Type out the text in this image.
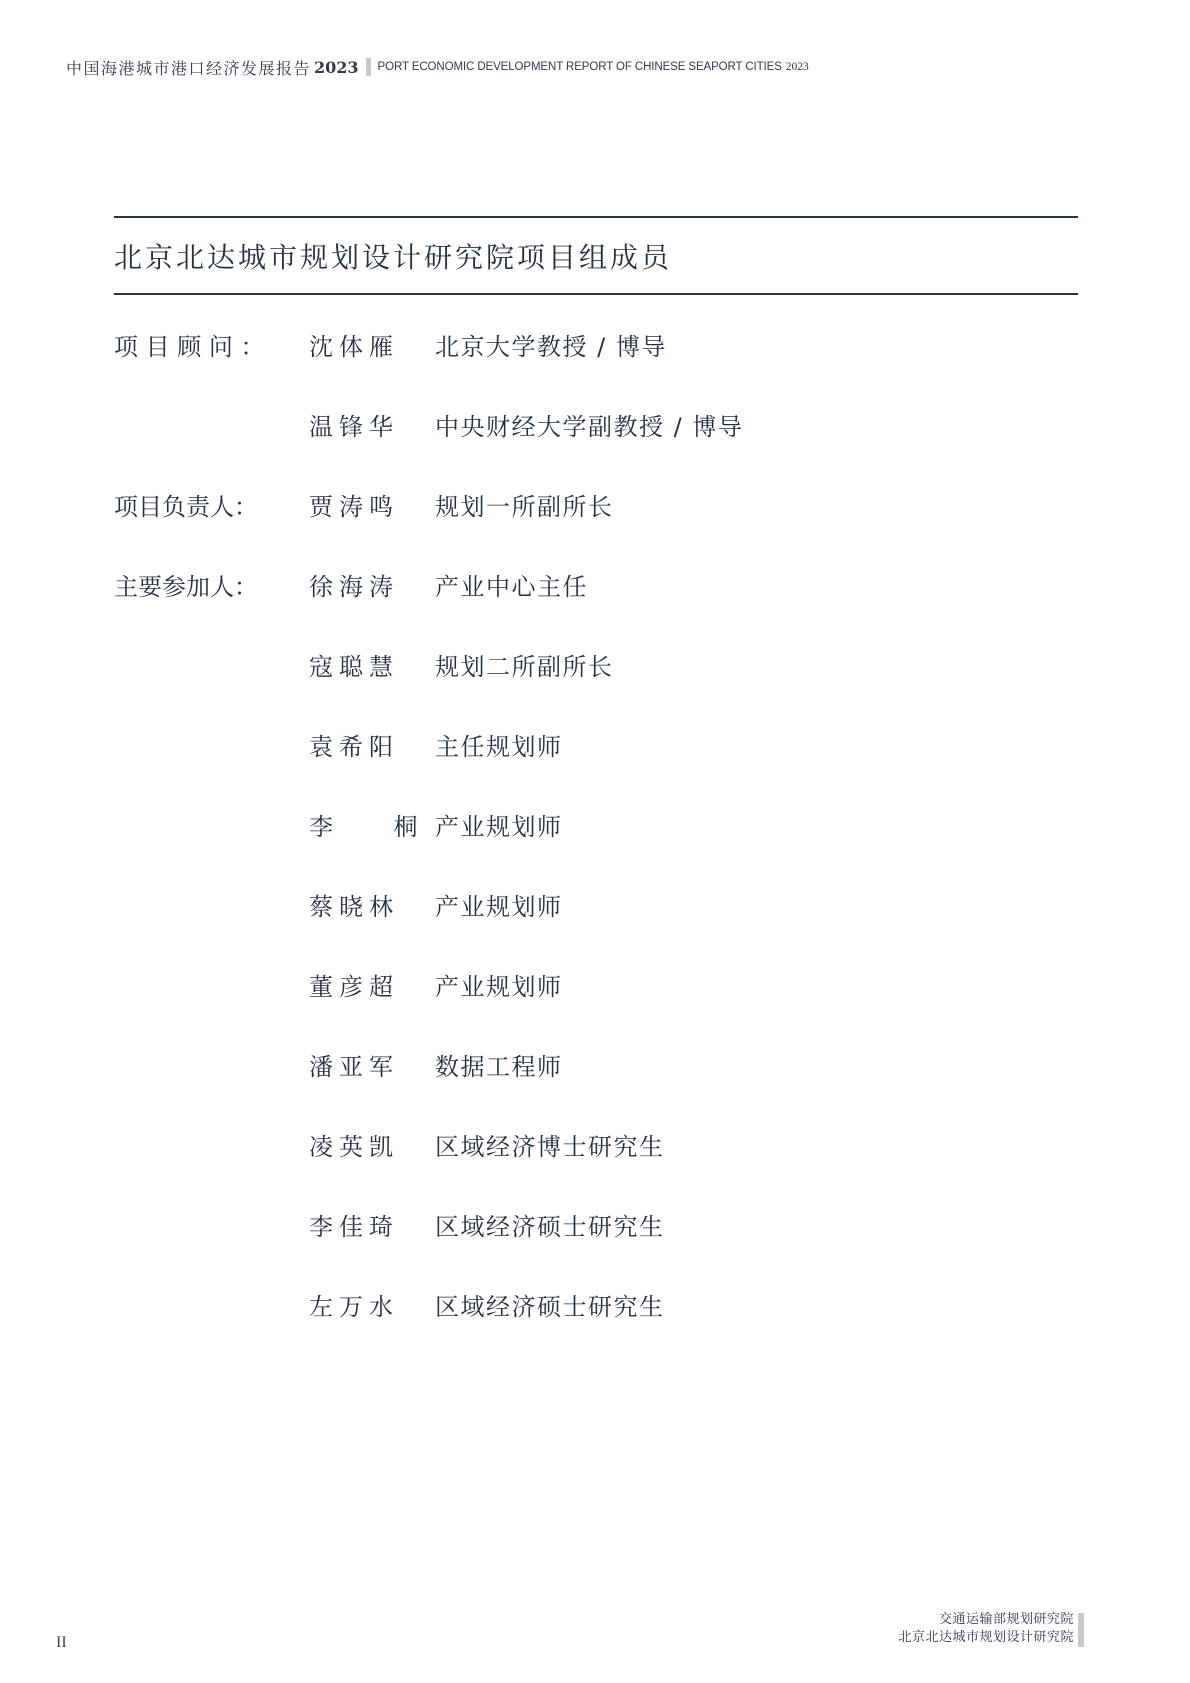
中国海港城市港口经济发展报告 2023 PORT ECONOMIC DEVELOPMENT REPORT OF CHINESE SEAPORT CITIES 2023
北京北达城市规划设计研究院项目组成员
项 目 顾 问 ：	沈体雁	北京大学教授 / 博导
温锋华	中央财经大学副教授 / 博导
项目负责人：	贾涛鸣	规划一所副所长
主要参加人：	徐海涛	产业中心主任
寇聪慧	规划二所副所长
袁希阳	主任规划师
李    桐 产业规划师
蔡晓林	产业规划师
董彦超	产业规划师
潘亚军	数据工程师
凌英凯	区域经济博士研究生
李佳琦	区域经济硕士研究生
左万水	区域经济硕士研究生
II
交通运输部规划研究院
北京北达城市规划设计研究院
